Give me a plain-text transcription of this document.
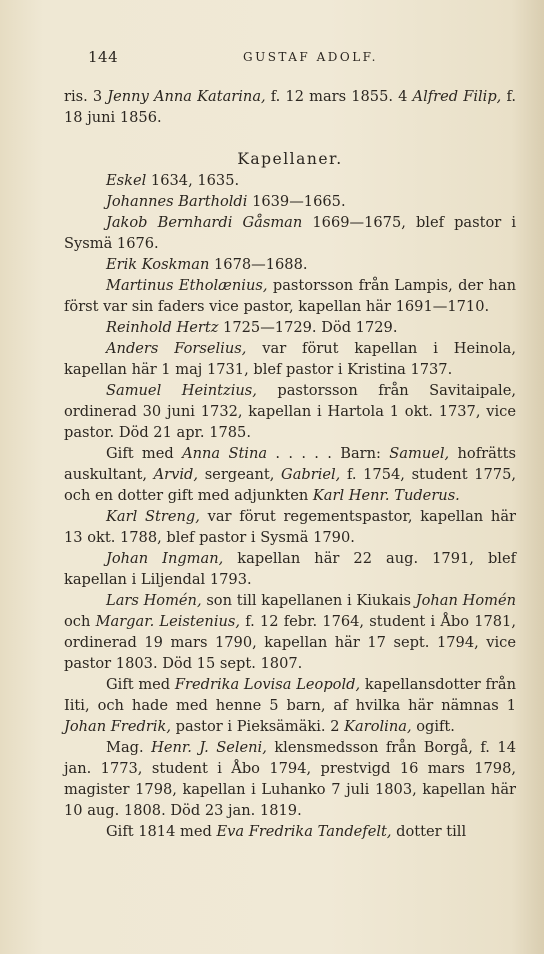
144	GUSTAF ADOLF.

ris. 3 Jenny Anna Katarina, f. 12 mars 1855. 4 Alfred Filip, f. 18 juni 1856.

Kapellaner.

Eskel 1634, 1635.

Johannes Bartholdi 1639—1665.

Jakob Bernhardi Gåsman 1669—1675, blef pastor i Sysmä 1676.

Erik Koskman 1678—1688.

Martinus Etholænius, pastorsson från Lampis, der han först var sin faders vice pastor, kapellan här 1691—1710.

Reinhold Hertz 1725—1729. Död 1729.

Anders Forselius, var förut kapellan i Heinola, kapellan här 1 maj 1731, blef pastor i Kristina 1737.

Samuel Heintzius, pastorsson från Savitaipale, ordinerad 30 juni 1732, kapellan i Hartola 1 okt. 1737, vice pastor. Död 21 apr. 1785.

Gift med Anna Stina . . . . . Barn: Samuel, hofrätts auskultant, Arvid, sergeant, Gabriel, f. 1754, student 1775, och en dotter gift med adjunkten Karl Henr. Tuderus.

Karl Streng, var förut regementspastor, kapellan här 13 okt. 1788, blef pastor i Sysmä 1790.

Johan Ingman, kapellan här 22 aug. 1791, blef kapellan i Liljendal 1793.

Lars Homén, son till kapellanen i Kiukais Johan Homén och Margar. Leistenius, f. 12 febr. 1764, student i Åbo 1781, ordinerad 19 mars 1790, kapellan här 17 sept. 1794, vice pastor 1803. Död 15 sept. 1807.

Gift med Fredrika Lovisa Leopold, kapellansdotter från Iiti, och hade med henne 5 barn, af hvilka här nämnas 1 Johan Fredrik, pastor i Pieksämäki. 2 Karolina, ogift.

Mag. Henr. J. Seleni, klensmedsson från Borgå, f. 14 jan. 1773, student i Åbo 1794, prestvigd 16 mars 1798, magister 1798, kapellan i Luhanko 7 juli 1803, kapellan här 10 aug. 1808. Död 23 jan. 1819.

Gift 1814 med Eva Fredrika Tandefelt, dotter till
